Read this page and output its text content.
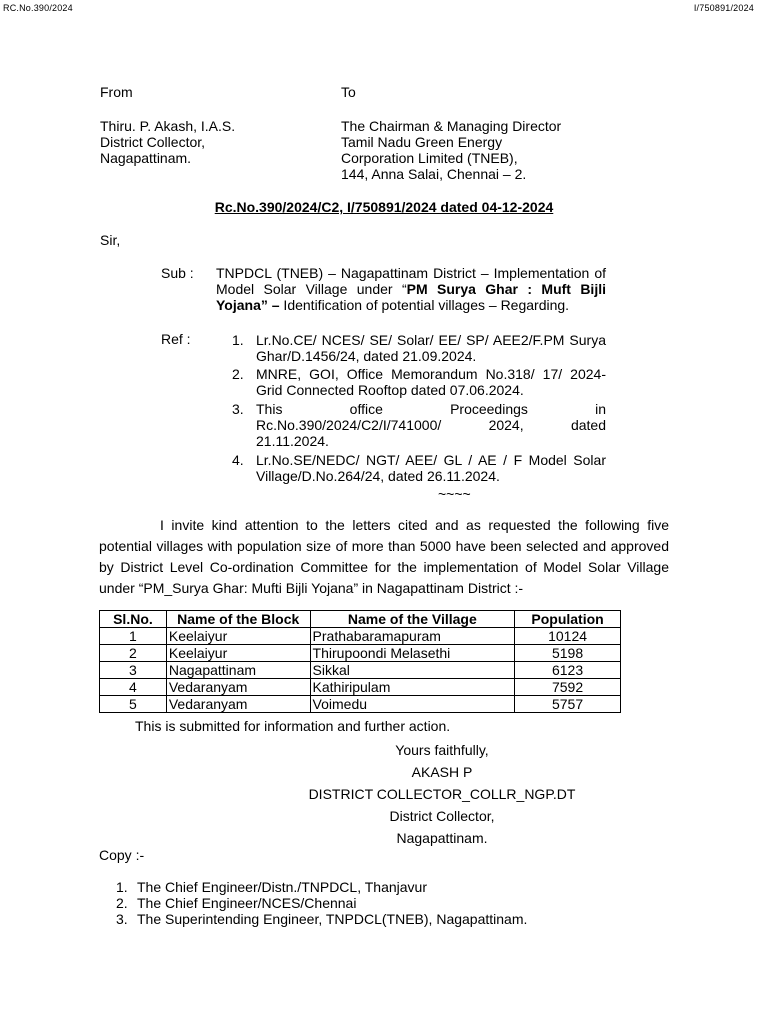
RC.No.390/2024	I/750891/2024
From	To
Thiru. P. Akash, I.A.S.
District Collector,
Nagapattinam.
The Chairman & Managing Director
Tamil Nadu Green Energy
Corporation Limited (TNEB),
144, Anna Salai, Chennai – 2.
Rc.No.390/2024/C2, I/750891/2024 dated 04-12-2024
Sir,
Sub : TNPDCL (TNEB) – Nagapattinam District – Implementation of Model Solar Village under “PM Surya Ghar : Muft Bijli Yojana” – Identification of potential villages – Regarding.
Ref :	1. Lr.No.CE/ NCES/ SE/ Solar/ EE/ SP/ AEE2/F.PM Surya Ghar/D.1456/24, dated 21.09.2024.
2. MNRE, GOI, Office Memorandum No.318/ 17/ 2024- Grid Connected Rooftop dated 07.06.2024.
3. This	office	Proceedings	in
Rc.No.390/2024/C2/I/741000/	2024,	dated
21.11.2024.
4. Lr.No.SE/NEDC/ NGT/ AEE/ GL / AE / F Model Solar Village/D.No.264/24, dated 26.11.2024.
~~~~
I invite kind attention to the letters cited and as requested the following five potential villages with population size of more than 5000 have been selected and approved by District Level Co-ordination Committee for the implementation of Model Solar Village under “PM_Surya Ghar: Mufti Bijli Yojana” in Nagapattinam District :-
Sl.No.	Name of the Block	Name of the Village	Population
1	Keelaiyur	Prathabaramapuram	10124
2	Keelaiyur	Thirupoondi Melasethi	5198
3	Nagapattinam	Sikkal	6123
4	Vedaranyam	Kathiripulam	7592
5	Vedaranyam	Voimedu	5757
This is submitted for information and further action.
Yours faithfully,
AKASH P
DISTRICT COLLECTOR_COLLR_NGP.DT
District Collector,
Nagapattinam.
Copy :-
1. The Chief Engineer/Distn./TNPDCL, Thanjavur
2. The Chief Engineer/NCES/Chennai
3. The Superintending Engineer, TNPDCL(TNEB), Nagapattinam.
